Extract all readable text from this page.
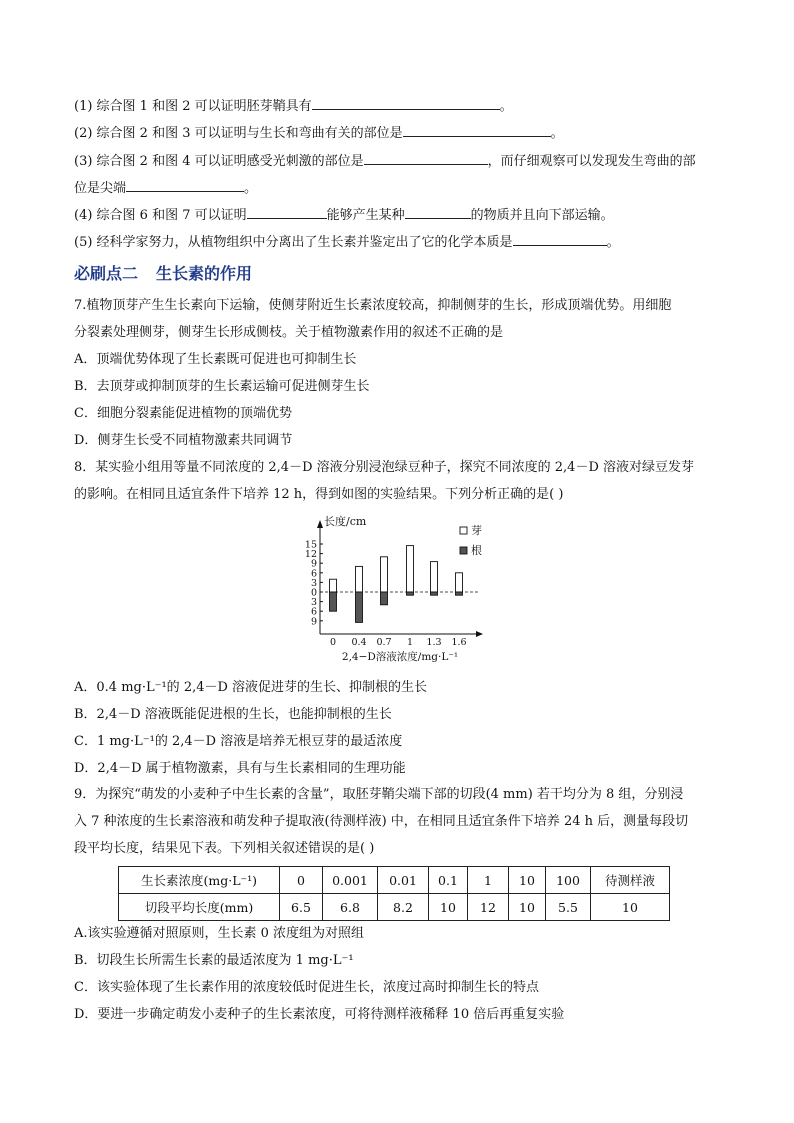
(1) 综合图 1 和图 2 可以证明胚芽鞘具有	。
(2) 综合图 2 和图 3 可以证明与生长和弯曲有关的部位是	。
(3) 综合图 2 和图 4 可以证明感受光刺激的部位是	，而仔细观察可以发现发生弯曲的部
位是尖端	。
(4) 综合图 6 和图 7 可以证明	能够产生某种	的物质并且向下部运输。
(5) 经科学家努力，从植物组织中分离出了生长素并鉴定出了它的化学本质是	。
必刷点二 生长素的作用
7.植物顶芽产生生长素向下运输，使侧芽附近生长素浓度较高，抑制侧芽的生长，形成顶端优势。用细胞
分裂素处理侧芽，侧芽生长形成侧枝。关于植物激素作用的叙述不正确的是
A．顶端优势体现了生长素既可促进也可抑制生长
B．去顶芽或抑制顶芽的生长素运输可促进侧芽生长
C．细胞分裂素能促进植物的顶端优势
D．侧芽生长受不同植物激素共同调节
8．某实验小组用等量不同浓度的 2,4－D 溶液分别浸泡绿豆种子，探究不同浓度的 2,4－D 溶液对绿豆发芽
的影响。在相同且适宜条件下培养 12 h，得到如图的实验结果。下列分析正确的是( )
15
12
9
6
3
0
3
6
9
长度/cm
0 0.4 0.7 1 1.3 1.6
2,4−D溶液浓度/mg·L⁻¹
芽
根
A．0.4 mg·L⁻¹的 2,4－D 溶液促进芽的生长、抑制根的生长
B．2,4－D 溶液既能促进根的生长，也能抑制根的生长
C．1 mg·L⁻¹的 2,4－D 溶液是培养无根豆芽的最适浓度
D．2,4－D 属于植物激素，具有与生长素相同的生理功能
9．为探究“萌发的小麦种子中生长素的含量”，取胚芽鞘尖端下部的切段(4 mm) 若干均分为 8 组，分别浸
入 7 种浓度的生长素溶液和萌发种子提取液(待测样液) 中，在相同且适宜条件下培养 24 h 后，测量每段切
段平均长度，结果见下表。下列相关叙述错误的是( )
生长素浓度(mg·L⁻¹)	0	0.001	0.01	0.1	1	10	100	待测样液
切段平均长度(mm)	6.5	6.8	8.2	10	12	10	5.5	10
A.该实验遵循对照原则，生长素 0 浓度组为对照组
B．切段生长所需生长素的最适浓度为 1 mg·L⁻¹
C．该实验体现了生长素作用的浓度较低时促进生长，浓度过高时抑制生长的特点
D．要进一步确定萌发小麦种子的生长素浓度，可将待测样液稀释 10 倍后再重复实验
